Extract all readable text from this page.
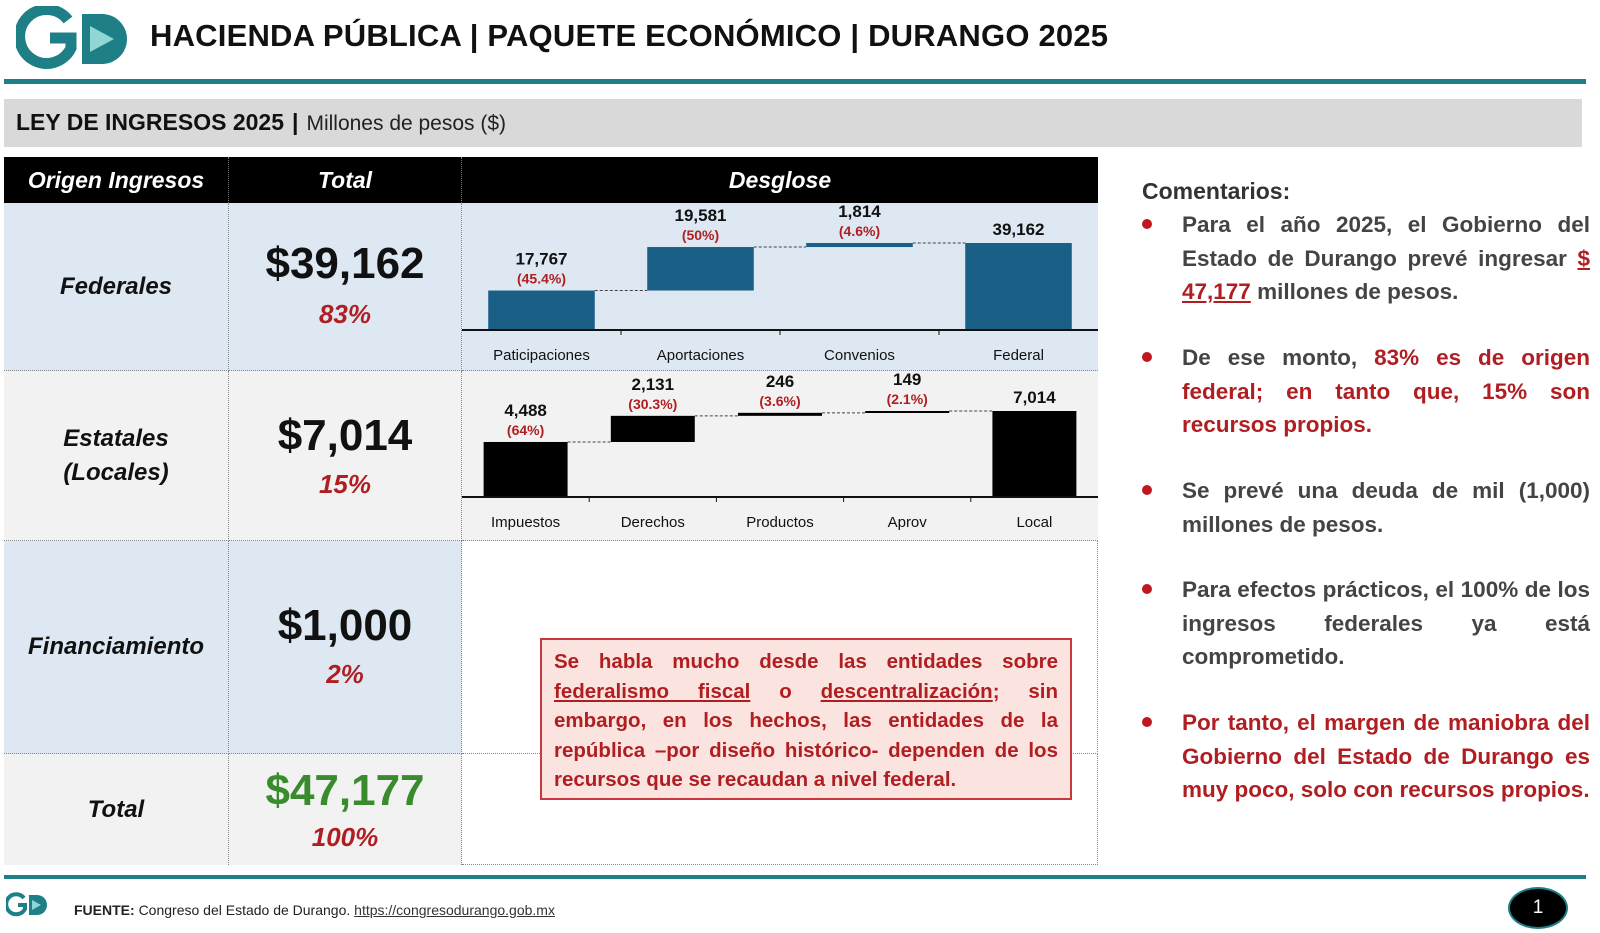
HACIENDA PÚBLICA | PAQUETE ECONÓMICO | DURANGO 2025
LEY DE INGRESOS 2025 | Millones de pesos ($)
Origen Ingresos	Total	Desglose
Federales	$39,162
83%
17,767
(45.4%)
Paticipaciones
19,581
(50%)
Aportaciones
1,814
(4.6%)
Convenios
39,162
Federal
Estatales (Locales)
$7,014
15%
4,488
(64%)
Impuestos
2,131
(30.3%)
Derechos
246
(3.6%)
Productos
149
(2.1%)
Aprov
7,014
Local
Financiamiento	$1,000
2%
Total	$47,177
100%
Se habla mucho desde las entidades sobre federalismo fiscal o descentralización; sin embargo, en los hechos, las entidades de la república –por diseño histórico- dependen de los recursos que se recaudan a nivel federal.
Comentarios:
Para el año 2025, el Gobierno del Estado de Durango prevé ingresar $ 47,177 millones de pesos.
De ese monto, 83% es de origen federal; en tanto que, 15% son recursos propios.
Se prevé una deuda de mil (1,000) millones de pesos.
Para efectos prácticos, el 100% de los ingresos federales ya está comprometido.
Por tanto, el margen de maniobra del Gobierno del Estado de Durango es muy poco, solo con recursos propios.
FUENTE: Congreso del Estado de Durango. https://congresodurango.gob.mx	1
